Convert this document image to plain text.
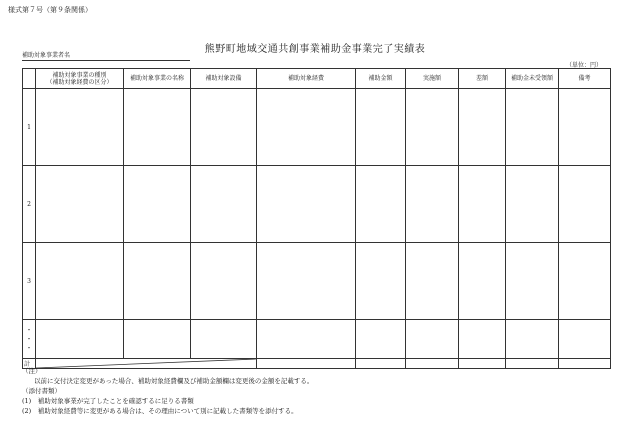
様式第７号（第９条関係）
熊野町地域交通共創事業補助金事業完了実績表
補助対象事業者名
（単位：円）
	補助対象事業の種別
（補助対象経費の区分）	補助対象事業の名称	補助対象設備	補助対象経費	補助金額	実施額	差額	補助金未受領額	備考
1									
2									
3									

・
・
・									

計	

（注）
以前に交付決定変更があった場合、補助対象経費欄及び補助金額欄は変更後の金額を記載する。
（添付書類）
(1)　補助対象事業が完了したことを確認するに足りる書類
(2)　補助対象経費等に変更がある場合は、その理由について別に記載した書類等を添付する。
